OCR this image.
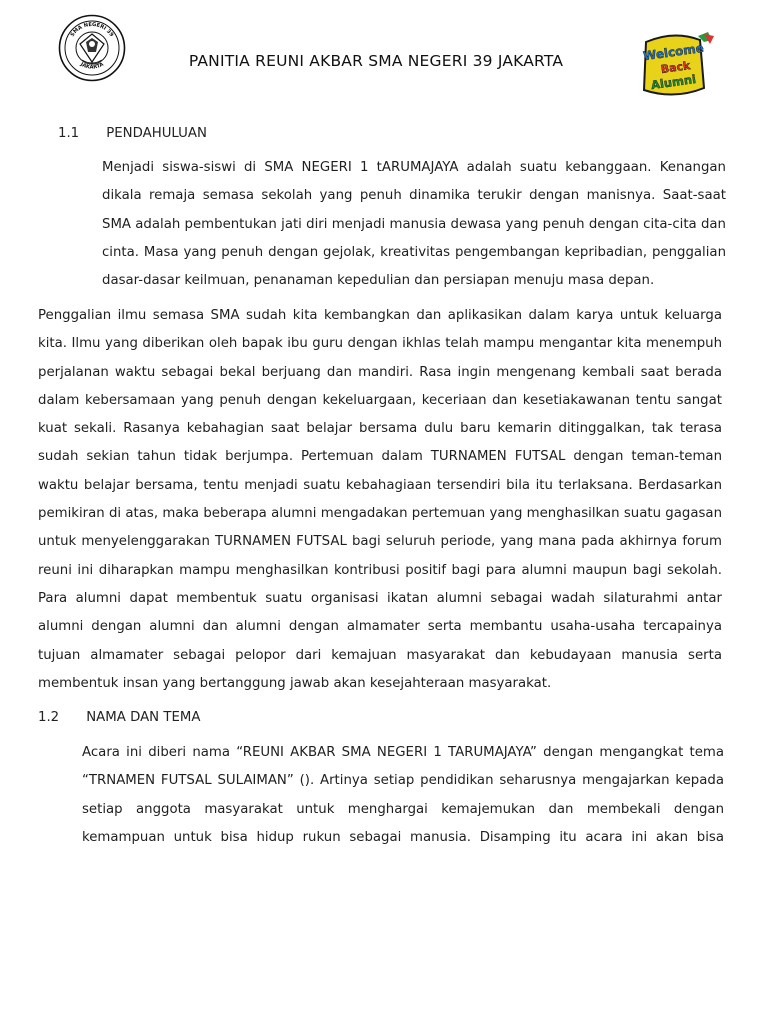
SMA NEGERI 39
JAKARTA	PANITIA REUNI AKBAR SMA NEGERI 39 JAKARTA	Welcome
Back
Alumni
1.1 PENDAHULUAN

Menjadi siswa-siswi di SMA NEGERI 1 tARUMAJAYA adalah suatu kebanggaan. Kenangan dikala remaja semasa sekolah yang penuh dinamika terukir dengan manisnya. Saat-saat SMA adalah pembentukan jati diri menjadi manusia dewasa yang penuh dengan cita-cita dan cinta. Masa yang penuh dengan gejolak, kreativitas pengembangan kepribadian, penggalian dasar-dasar keilmuan, penanaman kepedulian dan persiapan menuju masa depan.

Penggalian ilmu semasa SMA sudah kita kembangkan dan aplikasikan dalam karya untuk keluarga kita. Ilmu yang diberikan oleh bapak ibu guru dengan ikhlas telah mampu mengantar kita menempuh perjalanan waktu sebagai bekal berjuang dan mandiri. Rasa ingin mengenang kembali saat berada dalam kebersamaan yang penuh dengan kekeluargaan, keceriaan dan kesetiakawanan tentu sangat kuat sekali. Rasanya kebahagian saat belajar bersama dulu baru kemarin ditinggalkan, tak terasa sudah sekian tahun tidak berjumpa. Pertemuan dalam TURNAMEN FUTSAL dengan teman-teman waktu belajar bersama, tentu menjadi suatu kebahagiaan tersendiri bila itu terlaksana. Berdasarkan pemikiran di atas, maka beberapa alumni mengadakan pertemuan yang menghasilkan suatu gagasan untuk menyelenggarakan TURNAMEN FUTSAL bagi seluruh periode, yang mana pada akhirnya forum reuni ini diharapkan mampu menghasilkan kontribusi positif bagi para alumni maupun bagi sekolah. Para alumni dapat membentuk suatu organisasi ikatan alumni sebagai wadah silaturahmi antar alumni dengan alumni dan alumni dengan almamater serta membantu usaha-usaha tercapainya tujuan almamater sebagai pelopor dari kemajuan masyarakat dan kebudayaan manusia serta membentuk insan yang bertanggung jawab akan kesejahteraan masyarakat.

1.2 NAMA DAN TEMA

Acara ini diberi nama “REUNI AKBAR SMA NEGERI 1 TARUMAJAYA” dengan mengangkat tema “TRNAMEN FUTSAL SULAIMAN” (). Artinya setiap pendidikan seharusnya mengajarkan kepada setiap anggota masyarakat untuk menghargai kemajemukan dan membekali dengan kemampuan untuk bisa hidup rukun sebagai manusia. Disamping itu acara ini akan bisa
